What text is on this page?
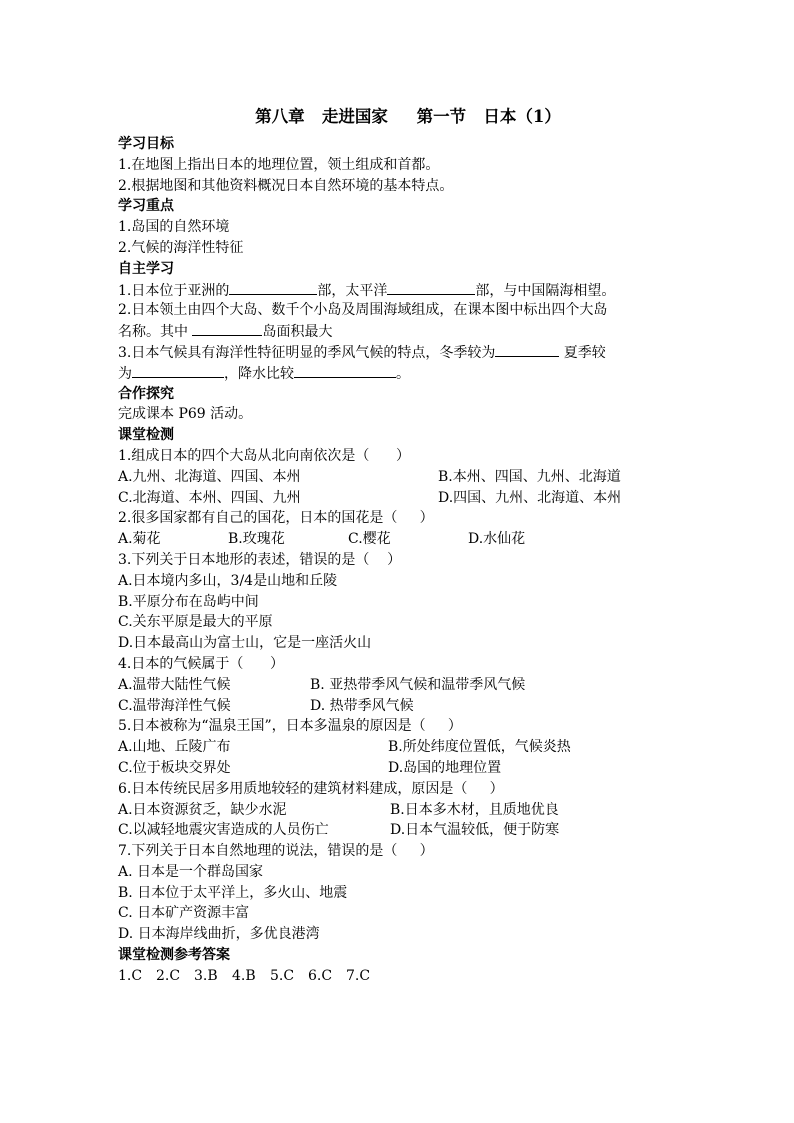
第八章   走进国家     第一节   日本（1）
学习目标
1.在地图上指出日本的地理位置，领土组成和首都。
2.根据地图和其他资料概况日本自然环境的基本特点。
学习重点
1.岛国的自然环境
2.气候的海洋性特征
自主学习
1.日本位于亚洲的	部，太平洋	部，与中国隔海相望。
2.日本领土由四个大岛、数千个小岛及周围海域组成，在课本图中标出四个大岛
名称。其中	岛面积最大
3.日本气候具有海洋性特征明显的季风气候的特点，冬季较为	夏季较
为	，降水比较	。
合作探究
完成课本 P69 活动。
课堂检测
1.组成日本的四个大岛从北向南依次是（      ）
A.九州、北海道、四国、本州	B.本州、四国、九州、北海道
C.北海道、本州、四国、九州	D.四国、九州、北海道、本州
2.很多国家都有自己的国花，日本的国花是（     ）
A.菊花	B.玫瑰花	C.樱花	D.水仙花
3.下列关于日本地形的表述，错误的是（    ）
A.日本境内多山，3/4是山地和丘陵
B.平原分布在岛屿中间
C.关东平原是最大的平原
D.日本最高山为富士山，它是一座活火山
4.日本的气候属于（      ）
A.温带大陆性气候	B. 亚热带季风气候和温带季风气候
C.温带海洋性气候	D. 热带季风气候
5.日本被称为“温泉王国”，日本多温泉的原因是（     ）
A.山地、丘陵广布	B.所处纬度位置低，气候炎热
C.位于板块交界处	D.岛国的地理位置
6.日本传统民居多用质地较轻的建筑材料建成，原因是（     ）
A.日本资源贫乏，缺少水泥	B.日本多木材，且质地优良
C.以减轻地震灾害造成的人员伤亡	D.日本气温较低，便于防寒
7.下列关于日本自然地理的说法，错误的是（     ）
A. 日本是一个群岛国家
B. 日本位于太平洋上，多火山、地震
C. 日本矿产资源丰富
D. 日本海岸线曲折，多优良港湾
课堂检测参考答案
1.C 2.C 3.B 4.B 5.C 6.C 7.C
